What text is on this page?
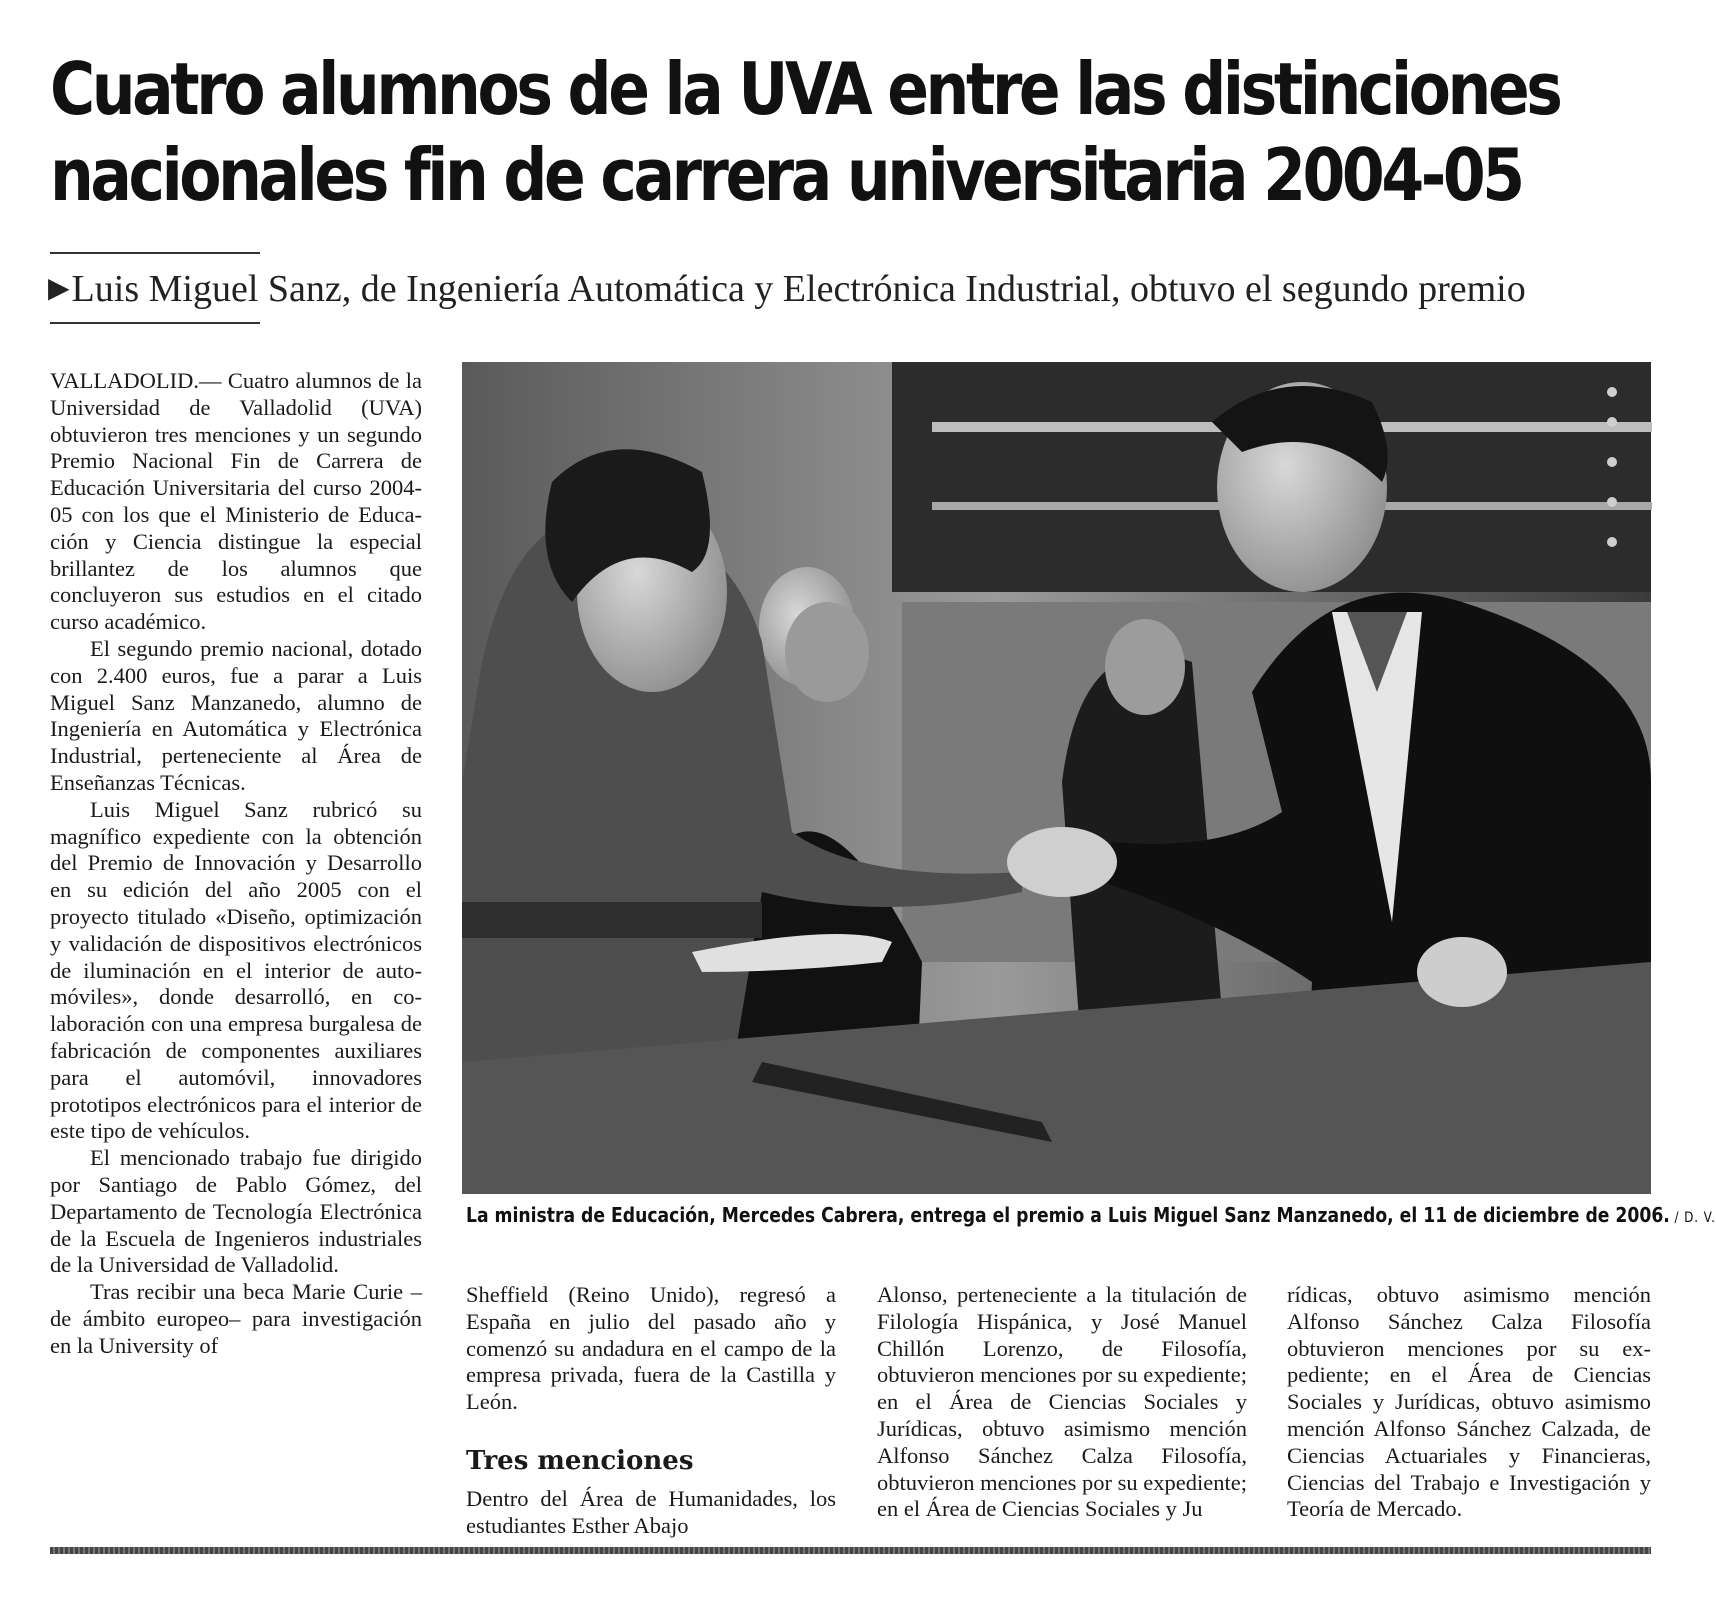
Cuatro alumnos de la UVA entre las distinciones
nacionales fin de carrera universitaria 2004-05

▶Luis Miguel Sanz, de Ingeniería Automática y Electrónica Industrial, obtuvo el segundo premio

VALLADOLID.— Cuatro alumnos de la Universidad de Valladolid (UVA) obtuvieron tres menciones y un segundo Premio Nacional Fin de Carrera de Educación Universitaria del curso 2004-05 con los que el Ministerio de Educación y Ciencia distingue la especial brillantez de los alumnos que concluyeron sus estudios en el citado curso académico.

El segundo premio nacional, dotado con 2.400 euros, fue a parar a Luis Miguel Sanz Manzanedo, alumno de Ingeniería en Automática y Electrónica Industrial, perteneciente al Área de Enseñanzas Técnicas.

Luis Miguel Sanz rubricó su magnífico expediente con la obtención del Premio de Innovación y Desarrollo en su edición del año 2005 con el proyecto titulado «Diseño, optimización y validación de dispositivos electrónicos de iluminación en el interior de automóviles», donde desarrolló, en colaboración con una empresa burgalesa de fabricación de componentes auxiliares para el automóvil, innovadores prototipos electrónicos para el interior de este tipo de vehículos.

El mencionado trabajo fue dirigido por Santiago de Pablo Gómez, del Departamento de Tecnología Electrónica de la Escuela de Ingenieros industriales de la Universidad de Valladolid.

Tras recibir una beca Marie Curie –de ámbito europeo– para investigación en la University of

La ministra de Educación, Mercedes Cabrera, entrega el premio a Luis Miguel Sanz Manzanedo, el 11 de diciembre de 2006. / D. V.

Sheffield (Reino Unido), regresó a España en julio del pasado año y comenzó su andadura en el campo de la empresa privada, fuera de la Castilla y León.

Tres menciones

Dentro del Área de Humanidades, los estudiantes Esther Abajo

Alonso, perteneciente a la titulación de Filología Hispánica, y José Manuel Chillón Lorenzo, de Filosofía, obtuvieron menciones por su expediente; en el Área de Ciencias Sociales y Jurídicas, obtuvo asimismo mención Alfonso Sánchez Calza Filosofía, obtuvieron menciones por su expediente; en el Área de Ciencias Sociales y Ju

rídicas, obtuvo asimismo mención Alfonso Sánchez Calza Filosofía obtuvieron menciones por su expediente; en el Área de Ciencias Sociales y Jurídicas, obtuvo asimismo mención Alfonso Sánchez Calzada, de Ciencias Actuariales y Financieras, Ciencias del Trabajo e Investigación y Teoría de Mercado.
